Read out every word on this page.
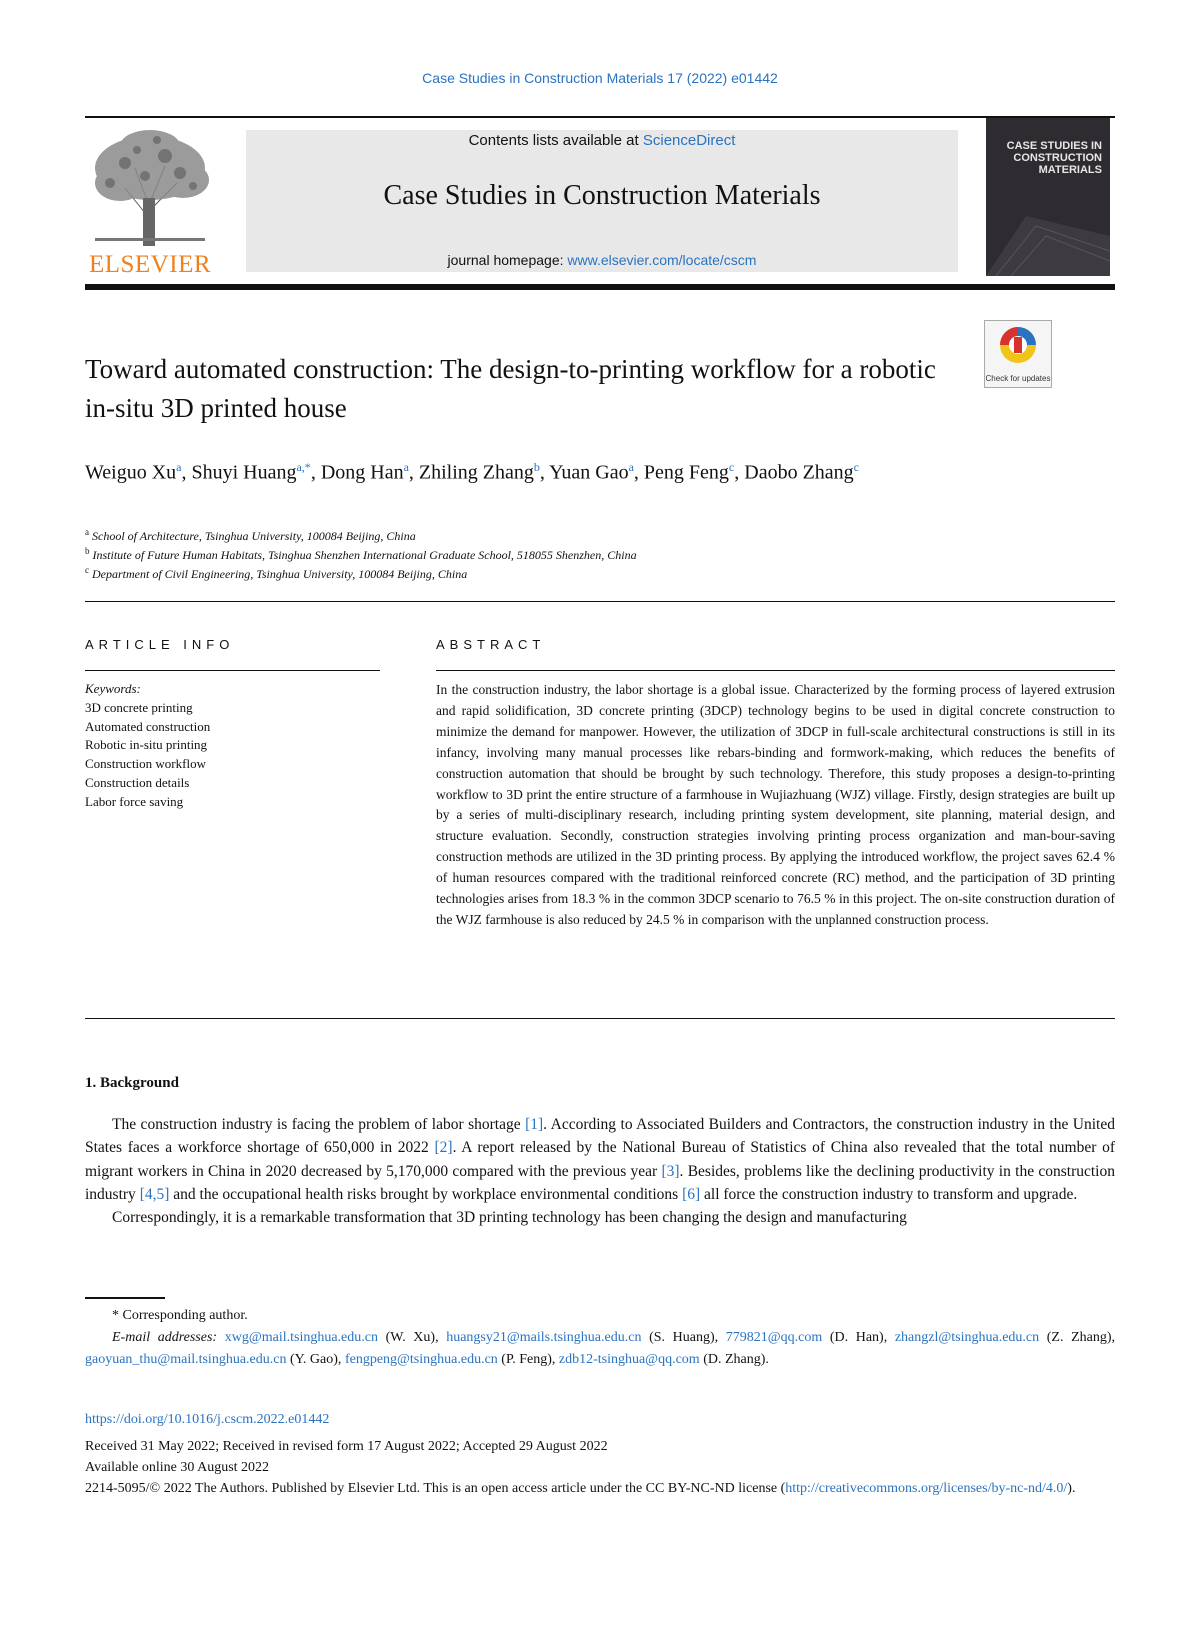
Case Studies in Construction Materials 17 (2022) e01442
ELSEVIER
Contents lists available at ScienceDirect
Case Studies in Construction Materials
journal homepage: www.elsevier.com/locate/cscm
CASE STUDIES IN CONSTRUCTION MATERIALS
Check for updates
Toward automated construction: The design-to-printing workflow for a robotic in-situ 3D printed house
Weiguo Xu$^a$, Shuyi Huang$^{a,*}$, Dong Han$^a$, Zhiling Zhang$^b$, Yuan Gao$^a$, Peng Feng$^c$, Daobo Zhang$^c$
$^a$ School of Architecture, Tsinghua University, 100084 Beijing, China
$^b$ Institute of Future Human Habitats, Tsinghua Shenzhen International Graduate School, 518055 Shenzhen, China
$^c$ Department of Civil Engineering, Tsinghua University, 100084 Beijing, China
ARTICLE INFO	ABSTRACT
Keywords:
3D concrete printing
Automated construction
Robotic in-situ printing
Construction workflow
Construction details
Labor force saving
In the construction industry, the labor shortage is a global issue. Characterized by the forming process of layered extrusion and rapid solidification, 3D concrete printing (3DCP) technology begins to be used in digital concrete construction to minimize the demand for manpower. However, the utilization of 3DCP in full-scale architectural constructions is still in its infancy, involving many manual processes like rebars-binding and formwork-making, which reduces the benefits of construction automation that should be brought by such technology. Therefore, this study proposes a design-to-printing workflow to 3D print the entire structure of a farmhouse in Wujiazhuang (WJZ) village. Firstly, design strategies are built up by a series of multi-disciplinary research, including printing system development, site planning, material design, and structure evaluation. Secondly, construction strategies involving printing process organization and man-bour-saving construction methods are utilized in the 3D printing process. By applying the introduced workflow, the project saves 62.4 % of human resources compared with the traditional reinforced concrete (RC) method, and the participation of 3D printing technologies arises from 18.3 % in the common 3DCP scenario to 76.5 % in this project. The on-site construction duration of the WJZ farmhouse is also reduced by 24.5 % in comparison with the unplanned construction process.
1. Background

The construction industry is facing the problem of labor shortage [1]. According to Associated Builders and Contractors, the construction industry in the United States faces a workforce shortage of 650,000 in 2022 [2]. A report released by the National Bureau of Statistics of China also revealed that the total number of migrant workers in China in 2020 decreased by 5,170,000 compared with the previous year [3]. Besides, problems like the declining productivity in the construction industry [4,5] and the occupational health risks brought by workplace environmental conditions [6] all force the construction industry to transform and upgrade.

Correspondingly, it is a remarkable transformation that 3D printing technology has been changing the design and manufacturing

* Corresponding author.

E-mail addresses: xwg@mail.tsinghua.edu.cn (W. Xu), huangsy21@mails.tsinghua.edu.cn (S. Huang), 779821@qq.com (D. Han), zhangzl@tsinghua.edu.cn (Z. Zhang), gaoyuan_thu@mail.tsinghua.edu.cn (Y. Gao), fengpeng@tsinghua.edu.cn (P. Feng), zdb12-tsinghua@qq.com (D. Zhang).

https://doi.org/10.1016/j.cscm.2022.e01442
Received 31 May 2022; Received in revised form 17 August 2022; Accepted 29 August 2022
Available online 30 August 2022
2214-5095/© 2022 The Authors. Published by Elsevier Ltd. This is an open access article under the CC BY-NC-ND license (http://creativecommons.org/licenses/by-nc-nd/4.0/).
